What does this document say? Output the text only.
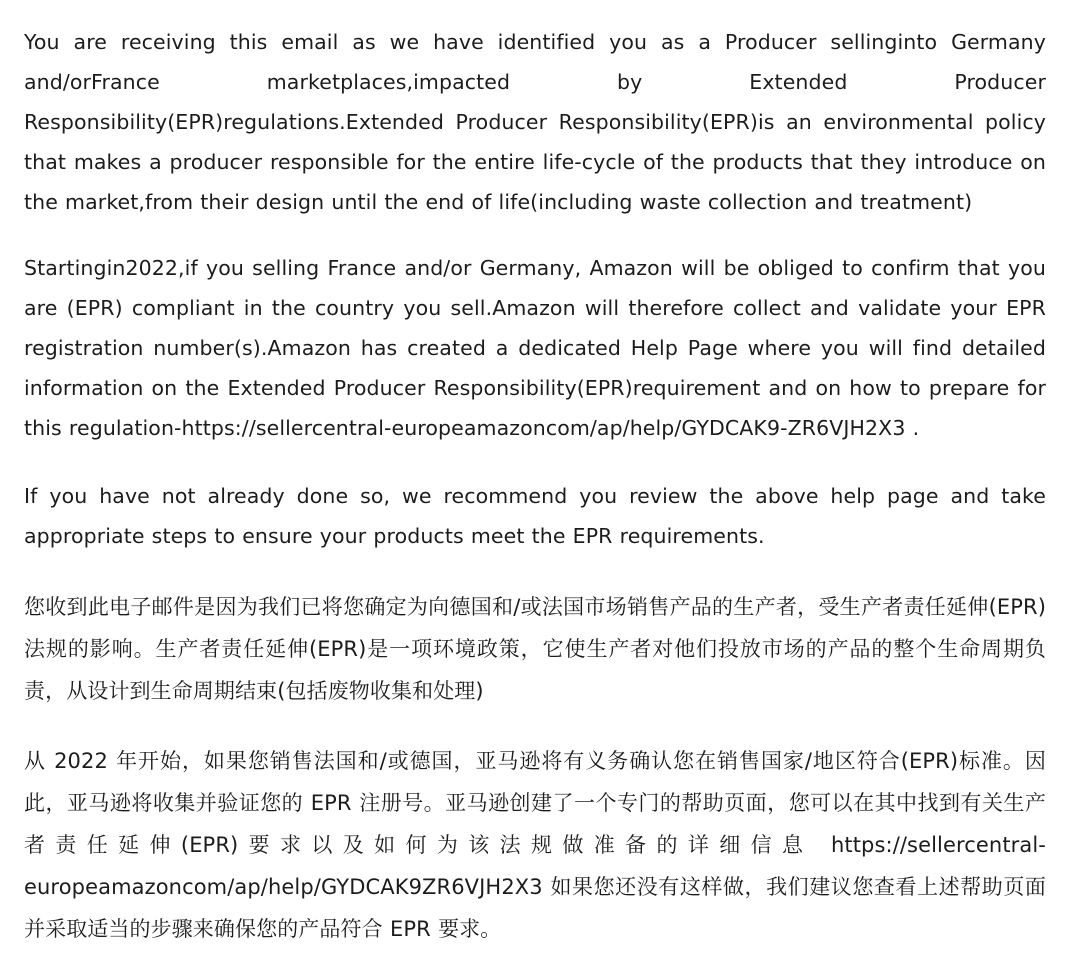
You are receiving this email as we have identified you as a Producer sellinginto Germany and/orFrance marketplaces,impacted by Extended Producer Responsibility(EPR)regulations.Extended Producer Responsibility(EPR)is an environmental policy that makes a producer responsible for the entire life-cycle of the products that they introduce on the market,from their design until the end of life(including waste collection and treatment)

Startingin2022,if you selling France and/or Germany, Amazon will be obliged to confirm that you are (EPR) compliant in the country you sell.Amazon will therefore collect and validate your EPR registration number(s).Amazon has created a dedicated Help Page where you will find detailed information on the Extended Producer Responsibility(EPR)requirement and on how to prepare for this regulation-https://sellercentral-europeamazoncom/ap/help/GYDCAK9-ZR6VJH2X3 .

If you have not already done so, we recommend you review the above help page and take appropriate steps to ensure your products meet the EPR requirements.

您收到此电子邮件是因为我们已将您确定为向德国和/或法国市场销售产品的生产者，受生产者责任延伸(EPR)法规的影响。生产者责任延伸(EPR)是一项环境政策，它使生产者对他们投放市场的产品的整个生命周期负责，从设计到生命周期结束(包括废物收集和处理)

从 2022 年开始，如果您销售法国和/或德国，亚马逊将有义务确认您在销售国家/地区符合(EPR)标准。因此，亚马逊将收集并验证您的 EPR 注册号。亚马逊创建了一个专门的帮助页面，您可以在其中找到有关生产者责任延伸(EPR)要求以及如何为该法规做准备的详细信息 https://sellercentral-europeamazoncom/ap/help/GYDCAK9ZR6VJH2X3 如果您还没有这样做，我们建议您查看上述帮助页面并采取适当的步骤来确保您的产品符合 EPR 要求。
